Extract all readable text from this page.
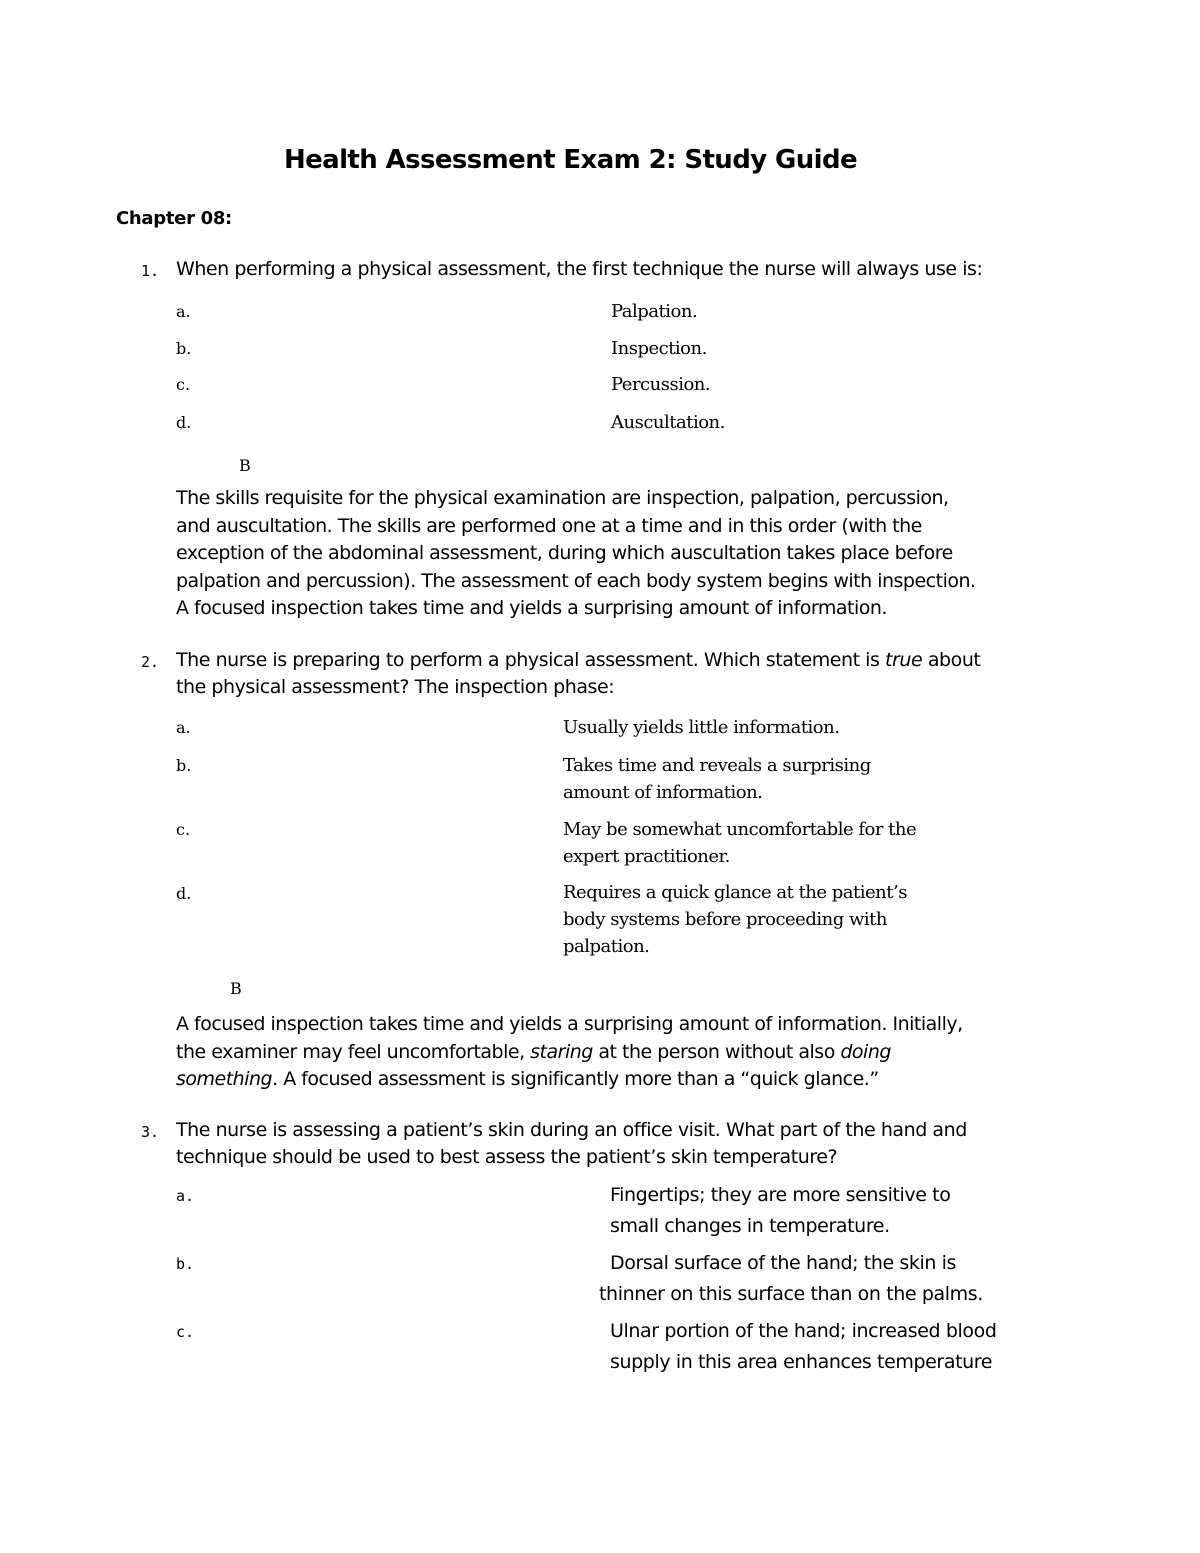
Health Assessment Exam 2: Study Guide
Chapter 08:
1. When performing a physical assessment, the first technique the nurse will always use is:
a.	Palpation.
b.	Inspection.
c.	Percussion.
d.	Auscultation.
B
The skills requisite for the physical examination are inspection, palpation, percussion,
and auscultation. The skills are performed one at a time and in this order (with the
exception of the abdominal assessment, during which auscultation takes place before
palpation and percussion). The assessment of each body system begins with inspection.
A focused inspection takes time and yields a surprising amount of information.
2. The nurse is preparing to perform a physical assessment. Which statement is true about
the physical assessment? The inspection phase:
a.	Usually yields little information.
b.	Takes time and reveals a surprising
amount of information.
c.	May be somewhat uncomfortable for the
expert practitioner.
d.	Requires a quick glance at the patient’s
body systems before proceeding with
palpation.
B
A focused inspection takes time and yields a surprising amount of information. Initially,
the examiner may feel uncomfortable, staring at the person without also doing
something. A focused assessment is significantly more than a “quick glance.”
3. The nurse is assessing a patient’s skin during an office visit. What part of the hand and
technique should be used to best assess the patient’s skin temperature?
a.	Fingertips; they are more sensitive to
small changes in temperature.
b.	Dorsal surface of the hand; the skin is
thinner on this surface than on the palms.
c.	Ulnar portion of the hand; increased blood
supply in this area enhances temperature
